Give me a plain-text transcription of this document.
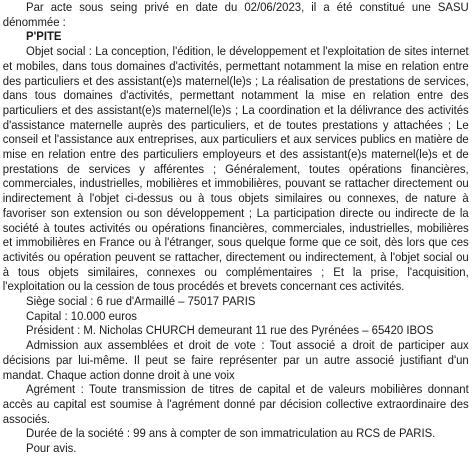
Par acte sous seing privé en date du 02/06/2023, il a été constitué une SASU dénommée :

P'PITE

Objet social : La conception, l'édition, le développement et l'exploitation de sites internet et mobiles, dans tous domaines d'activités, permettant notamment la mise en relation entre des particuliers et des assistant(e)s maternel(le)s ; La réalisation de prestations de services, dans tous domaines d'activités, permettant notamment la mise en relation entre des particuliers et des assistant(e)s maternel(le)s ; La coordination et la délivrance des activités d'assistance maternelle auprès des particuliers, et de toutes prestations y attachées ; Le conseil et l'assistance aux entreprises, aux particuliers et aux services publics en matière de mise en relation entre des particuliers employeurs et des assistant(e)s maternel(le)s et de prestations de services y afférentes ; Généralement, toutes opérations financières, commerciales, industrielles, mobilières et immobilières, pouvant se rattacher directement ou indirectement à l'objet ci-dessus ou à tous objets similaires ou connexes, de nature à favoriser son extension ou son développement ; La participation directe ou indirecte de la société à toutes activités ou opérations financières, commerciales, industrielles, mobilières et immobilières en France ou à l'étranger, sous quelque forme que ce soit, dès lors que ces activités ou opération peuvent se rattacher, directement ou indirectement, à l'objet social ou à tous objets similaires, connexes ou complémentaires ; Et la prise, l'acquisition, l'exploitation ou la cession de tous procédés et brevets concernant ces activités.

Siège social : 6 rue d'Armaillé – 75017 PARIS

Capital : 10.000 euros

Président : M. Nicholas CHURCH demeurant 11 rue des Pyrénées – 65420 IBOS

Admission aux assemblées et droit de vote : Tout associé a droit de participer aux décisions par lui-même. Il peut se faire représenter par un autre associé justifiant d'un mandat. Chaque action donne droit à une voix

Agrément : Toute transmission de titres de capital et de valeurs mobilières donnant accès au capital est soumise à l'agrément donné par décision collective extraordinaire des associés.

Durée de la société : 99 ans à compter de son immatriculation au RCS de PARIS.

Pour avis.
